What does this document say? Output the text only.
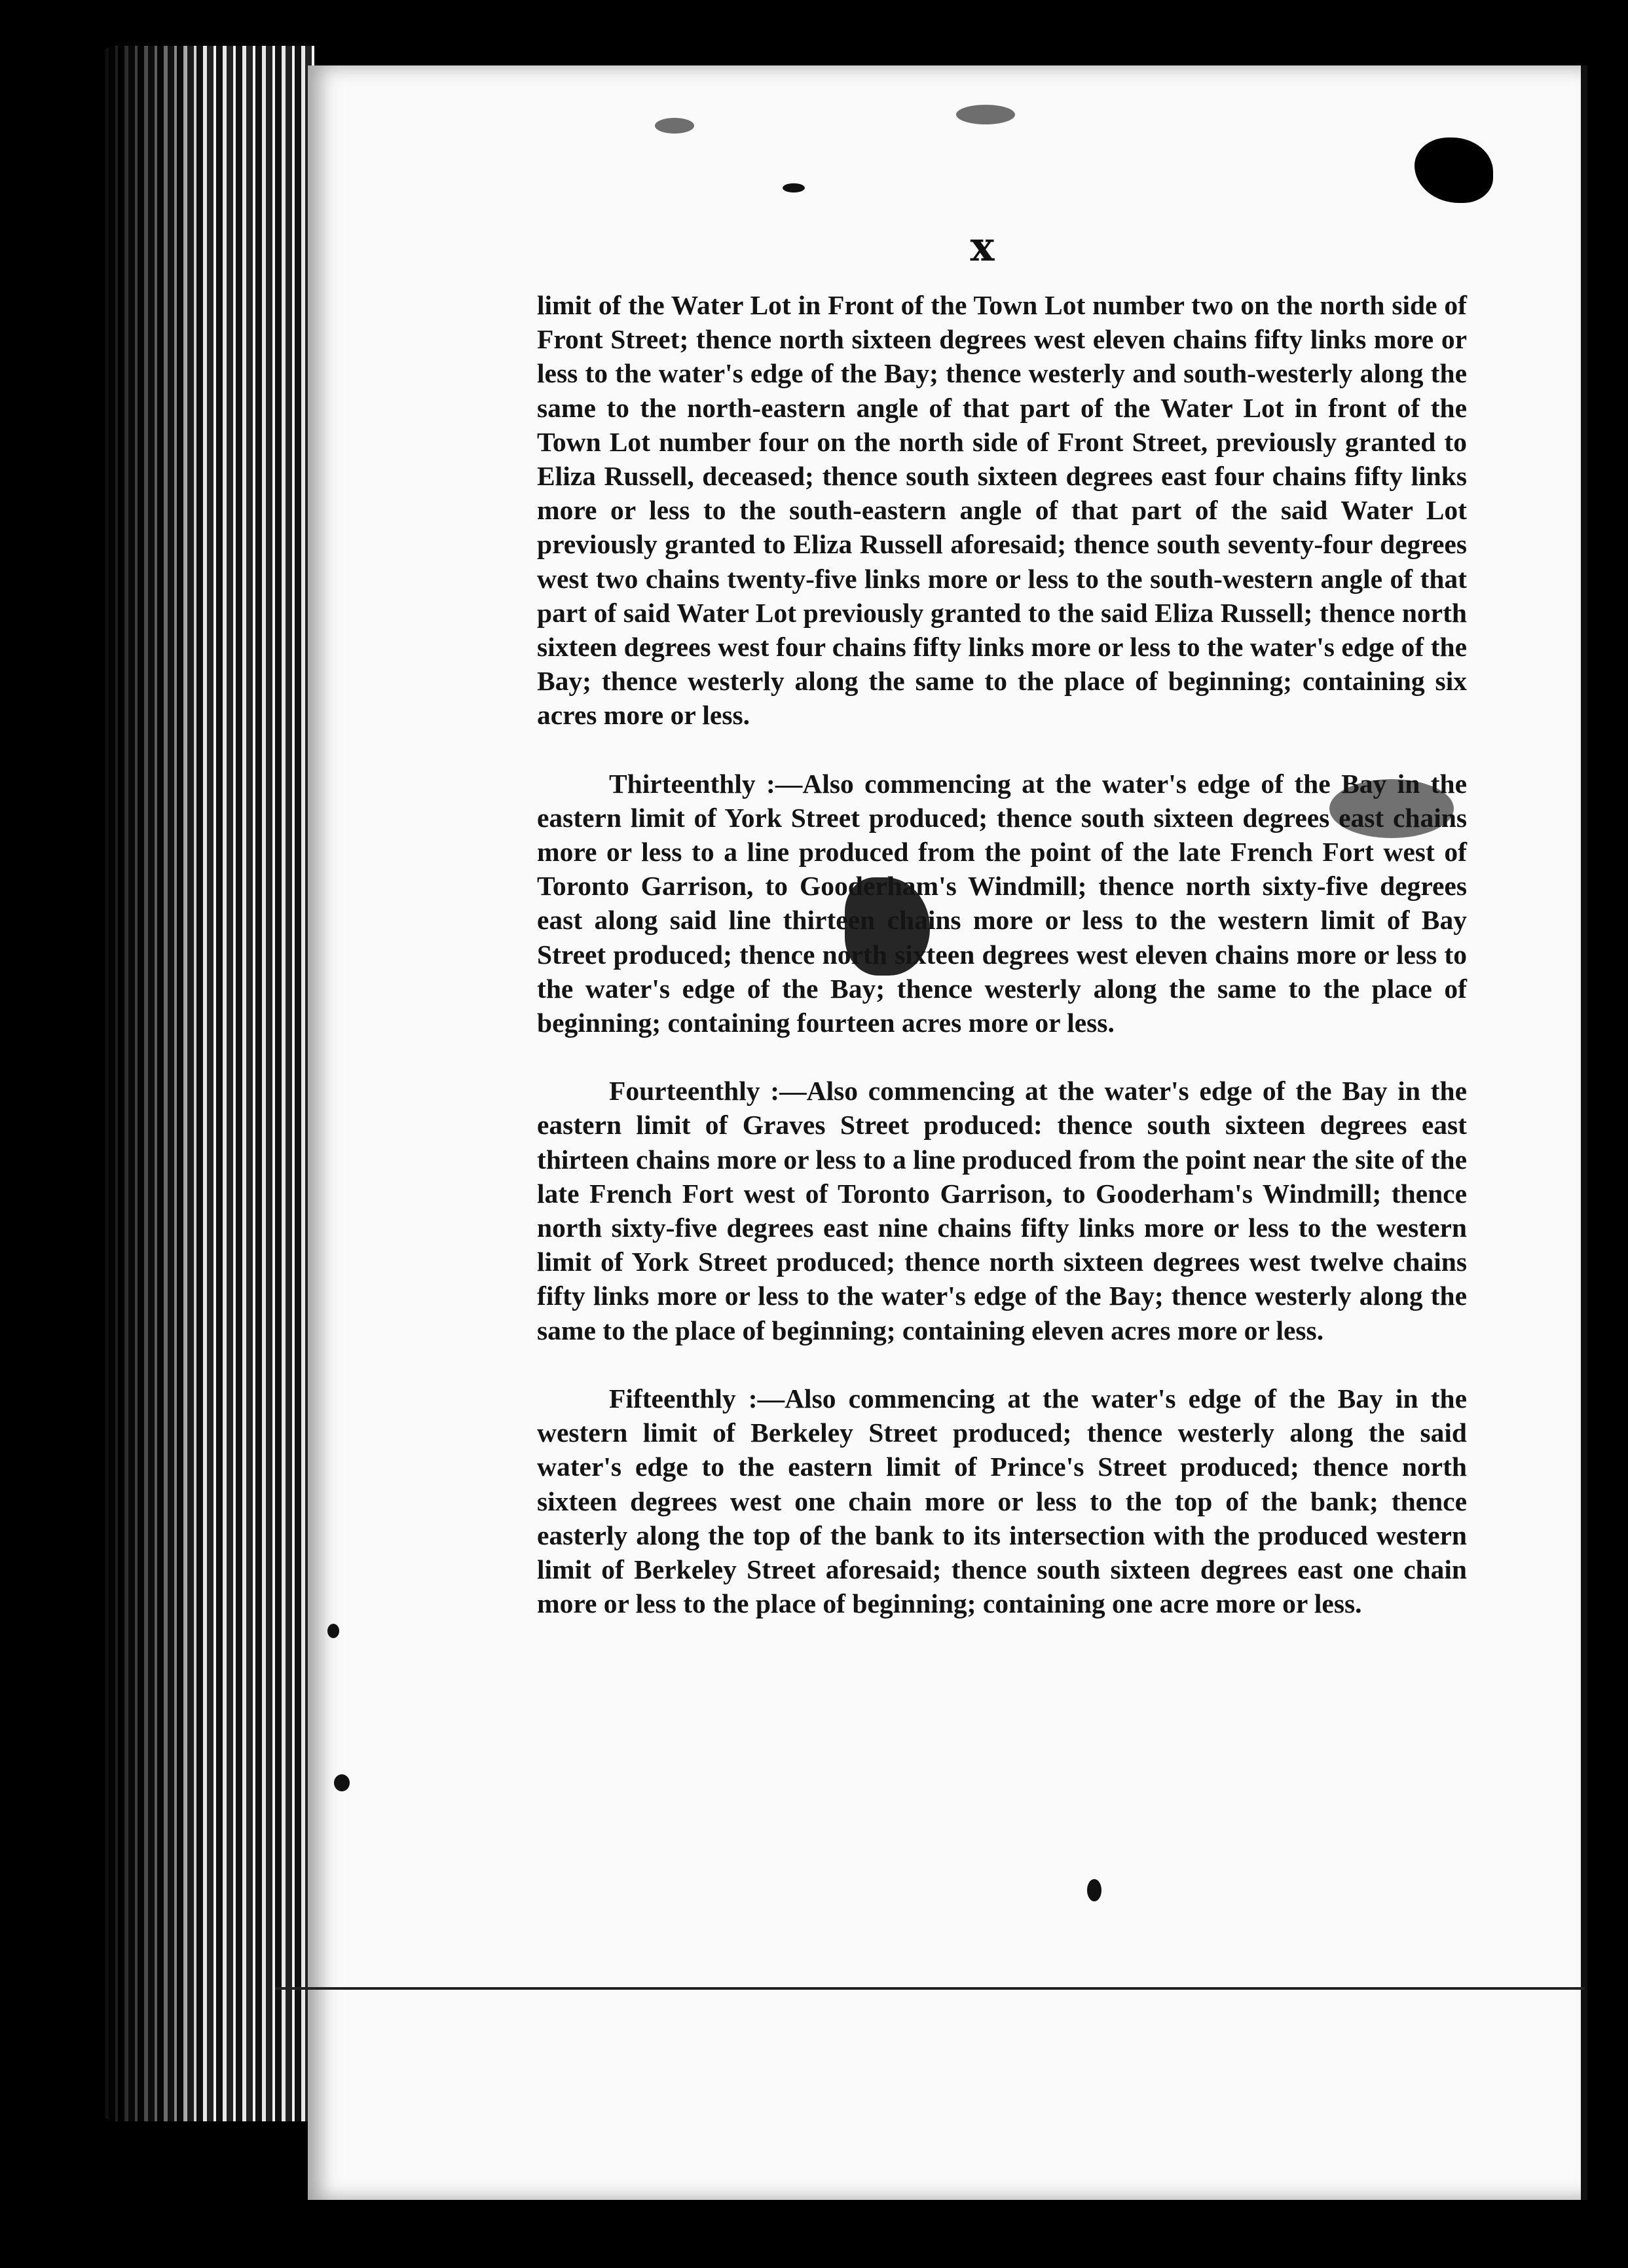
x

limit of the Water Lot in Front of the Town Lot number two on the north side of Front Street; thence north sixteen degrees west eleven chains fifty links more or less to the water's edge of the Bay; thence westerly and south-westerly along the same to the north-eastern angle of that part of the Water Lot in front of the Town Lot number four on the north side of Front Street, previously granted to Eliza Russell, deceased; thence south sixteen degrees east four chains fifty links more or less to the south-eastern angle of that part of the said Water Lot previously granted to Eliza Russell aforesaid; thence south seventy-four degrees west two chains twenty-five links more or less to the south-western angle of that part of said Water Lot previously granted to the said Eliza Russell; thence north sixteen degrees west four chains fifty links more or less to the water's edge of the Bay; thence westerly along the same to the place of beginning; containing six acres more or less.

Thirteenthly :—Also commencing at the water's edge of the Bay in the eastern limit of York Street produced; thence south sixteen degrees east chains more or less to a line produced from the point of the late French Fort west of Toronto Garrison, to Gooderham's Windmill; thence north sixty-five degrees east along said line thirteen chains more or less to the western limit of Bay Street produced; thence north sixteen degrees west eleven chains more or less to the water's edge of the Bay; thence westerly along the same to the place of beginning; containing fourteen acres more or less.

Fourteenthly :—Also commencing at the water's edge of the Bay in the eastern limit of Graves Street produced: thence south sixteen degrees east thirteen chains more or less to a line produced from the point near the site of the late French Fort west of Toronto Garrison, to Gooderham's Windmill; thence north sixty-five degrees east nine chains fifty links more or less to the western limit of York Street produced; thence north sixteen degrees west twelve chains fifty links more or less to the water's edge of the Bay; thence westerly along the same to the place of beginning; containing eleven acres more or less.

Fifteenthly :—Also commencing at the water's edge of the Bay in the western limit of Berkeley Street produced; thence westerly along the said water's edge to the eastern limit of Prince's Street produced; thence north sixteen degrees west one chain more or less to the top of the bank; thence easterly along the top of the bank to its intersection with the produced western limit of Berkeley Street aforesaid; thence south sixteen degrees east one chain more or less to the place of beginning; containing one acre more or less.
